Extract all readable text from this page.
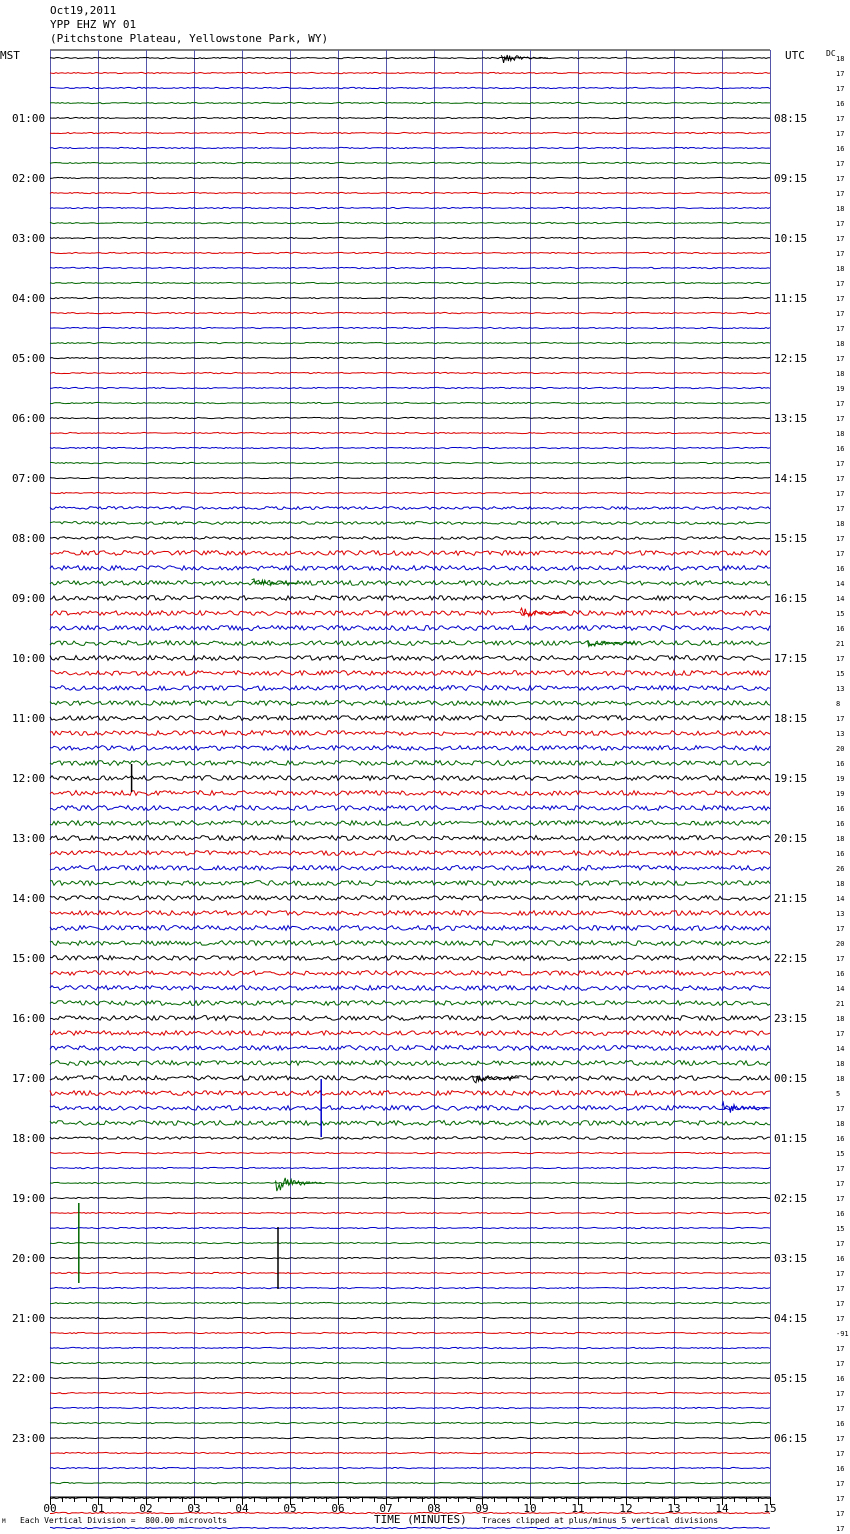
00	01	02	03	04	05	06	07	08	09	10	11	12	13	14	15
18
17
17
16
17
17
16
17
17
17
18
17
17
17
18
17
17
17
17
18
17
18
19
17
17
18
16
17
17
17
17
18
17
17
16
14
14
15
16
21
17
15
13
8
17
13
20
16
19
19
16
16
18
16
26
18
14
13
17
20
17
16
14
21
18
17
14
18
18
5
17
18
16
15
17
17
17
16
15
17
16
17
17
17
17
-91
17
17
16
17
17
16
17
17
16
17
17
17
17
01:00	08:15
02:00	09:15
03:00	10:15
04:00	11:15
05:00	12:15
06:00	13:15
07:00	14:15
08:00	15:15
09:00	16:15
10:00	17:15
11:00	18:15
12:00	19:15
13:00	20:15
14:00	21:15
15:00	22:15
16:00	23:15
17:00	00:15
18:00	01:15
19:00	02:15
20:00	03:15
21:00	04:15
22:00	05:15
23:00	06:15
Oct19,2011
YPP EHZ WY 01
(Pitchstone Plateau, Yellowstone Park, WY)
MST	UTC	DC
M Each Vertical Division =  800.00 microvolts	TIME (MINUTES) Traces clipped at plus/minus 5 vertical divisions
